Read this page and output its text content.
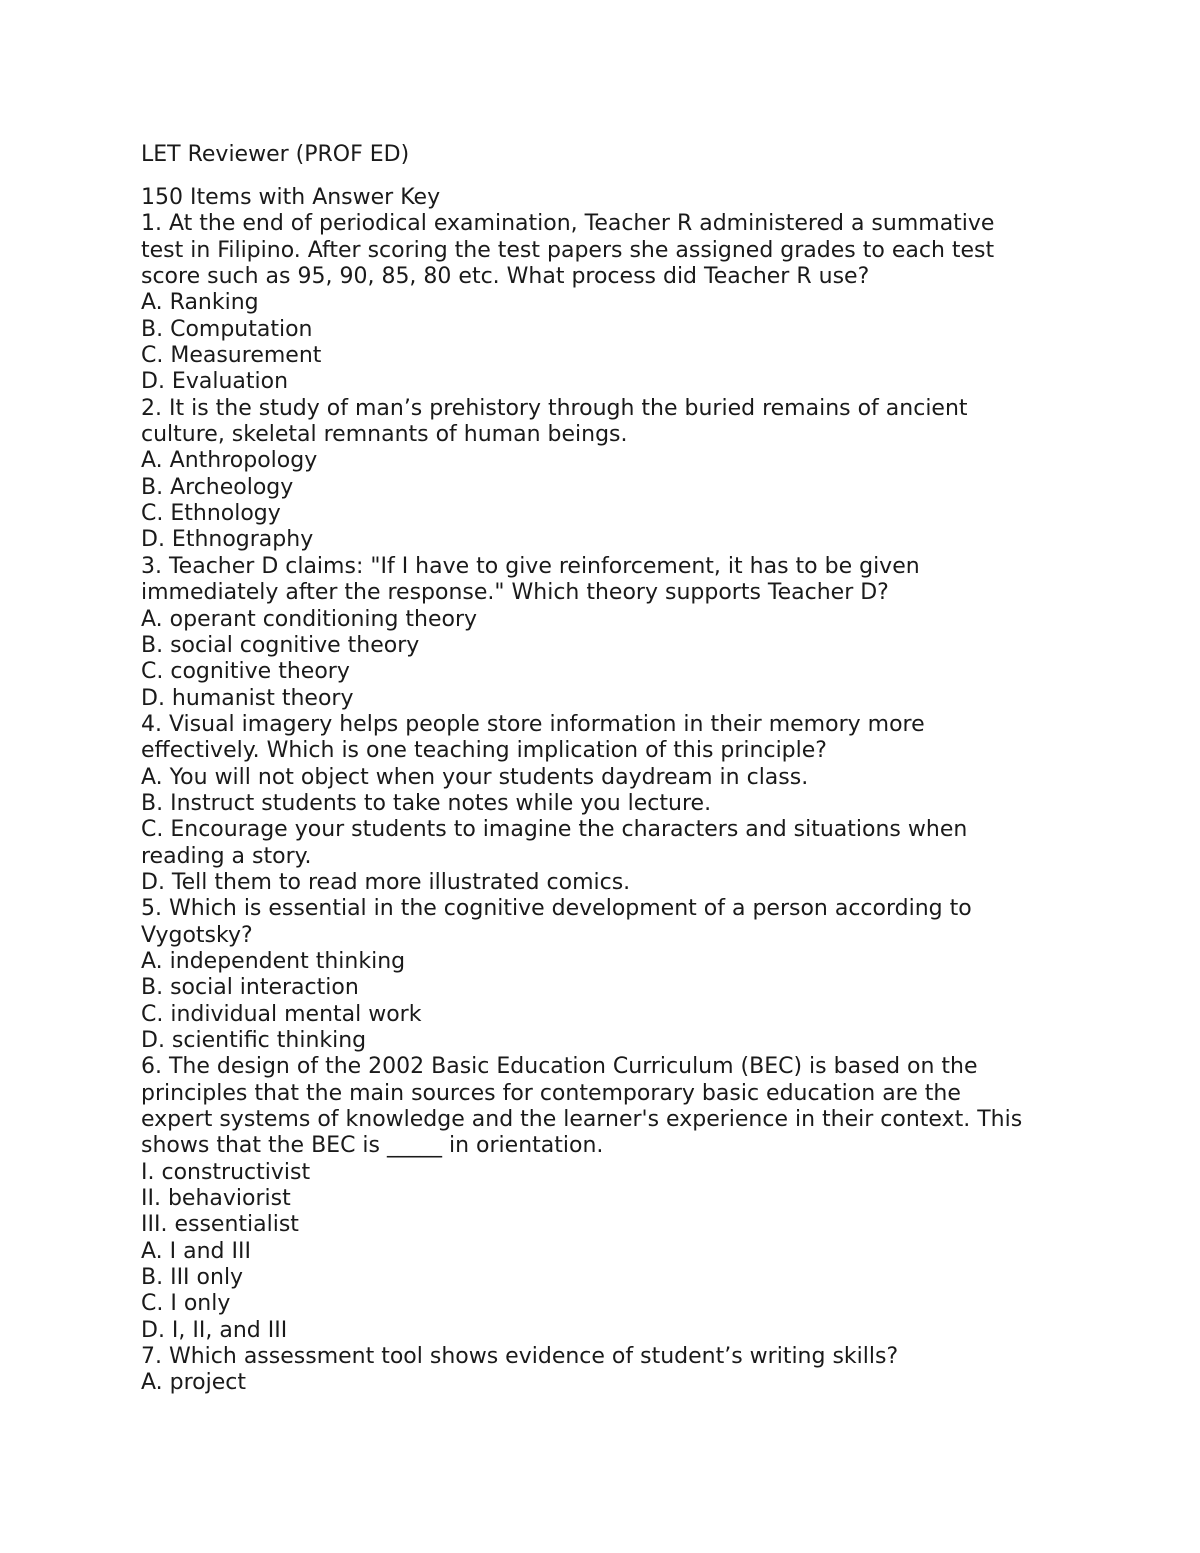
LET Reviewer (PROF ED)
150 Items with Answer Key
1. At the end of periodical examination, Teacher R administered a summative
test in Filipino. After scoring the test papers she assigned grades to each test
score such as 95, 90, 85, 80 etc. What process did Teacher R use?
A. Ranking
B. Computation
C. Measurement
D. Evaluation
2. It is the study of man’s prehistory through the buried remains of ancient
culture, skeletal remnants of human beings.
A. Anthropology
B. Archeology
C. Ethnology
D. Ethnography
3. Teacher D claims: "If I have to give reinforcement, it has to be given
immediately after the response." Which theory supports Teacher D?
A. operant conditioning theory
B. social cognitive theory
C. cognitive theory
D. humanist theory
4. Visual imagery helps people store information in their memory more
effectively. Which is one teaching implication of this principle?
A. You will not object when your students daydream in class.
B. Instruct students to take notes while you lecture.
C. Encourage your students to imagine the characters and situations when
reading a story.
D. Tell them to read more illustrated comics.
5. Which is essential in the cognitive development of a person according to
Vygotsky?
A. independent thinking
B. social interaction
C. individual mental work
D. scientific thinking
6. The design of the 2002 Basic Education Curriculum (BEC) is based on the
principles that the main sources for contemporary basic education are the
expert systems of knowledge and the learner's experience in their context. This
shows that the BEC is _____ in orientation.
I. constructivist
II. behaviorist
III. essentialist
A. I and III
B. III only
C. I only
D. I, II, and III
7. Which assessment tool shows evidence of student’s writing skills?
A. project
